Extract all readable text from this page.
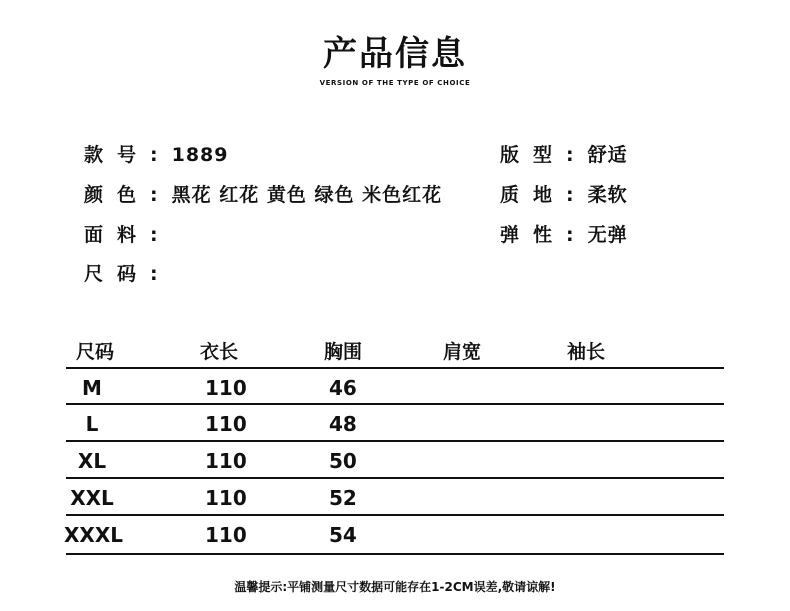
产品信息
VERSION OF THE TYPE OF CHOICE
款号:1889
颜色:黑花 红花 黄色 绿色 米色红花
面料:
尺码:
版型:舒适
质地:柔软
弹性:无弹
尺码	衣长	胸围	肩宽	袖长
M	110	46
L	110	48
XL	110	50
XXL	110	52
XXXL	110	54
温馨提示:平铺测量尺寸数据可能存在1-2CM误差,敬请谅解!
